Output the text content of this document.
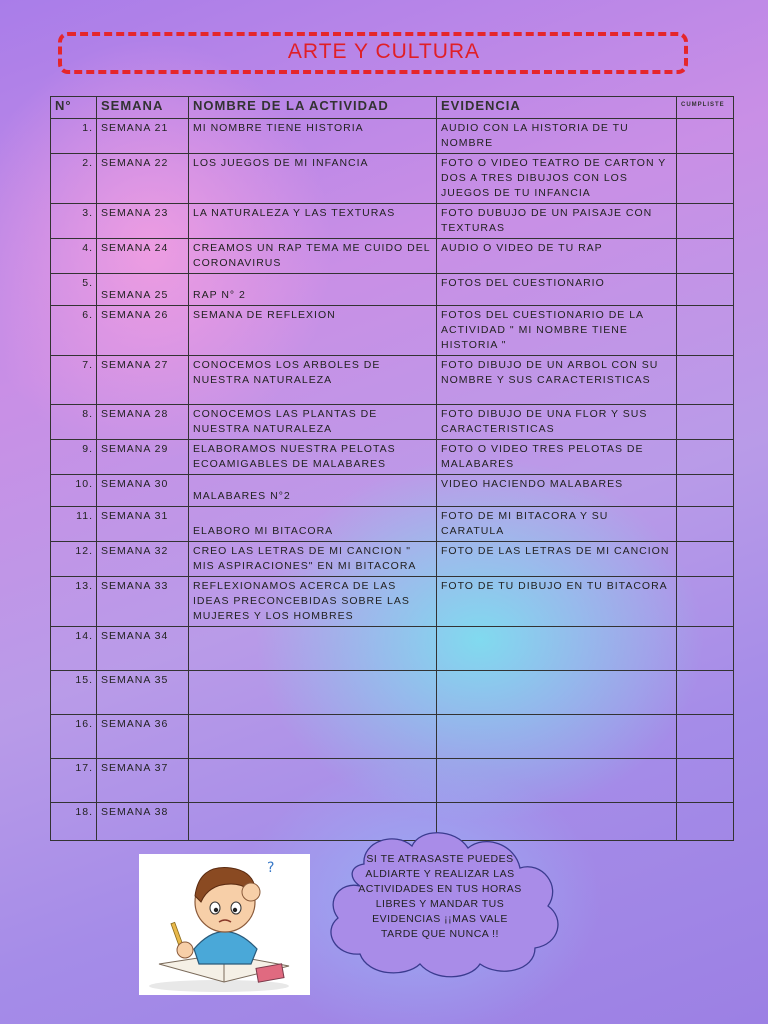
ARTE Y CULTURA
N°	SEMANA	NOMBRE DE LA ACTIVIDAD	EVIDENCIA	CUMPLISTE
1.	SEMANA 21	MI NOMBRE TIENE HISTORIA	AUDIO CON LA HISTORIA DE TU NOMBRE	
2.	SEMANA 22	LOS JUEGOS DE MI INFANCIA	FOTO O VIDEO TEATRO DE CARTON Y DOS A TRES DIBUJOS CON LOS JUEGOS DE TU INFANCIA	
3.	SEMANA 23	LA NATURALEZA Y LAS TEXTURAS	FOTO DUBUJO DE UN PAISAJE CON TEXTURAS	
4.	SEMANA 24	CREAMOS UN RAP TEMA ME CUIDO DEL CORONAVIRUS	AUDIO O VIDEO DE TU RAP	
5.	SEMANA 25	RAP N° 2	FOTOS DEL CUESTIONARIO	
6.	SEMANA 26	SEMANA DE REFLEXION	FOTOS DEL CUESTIONARIO DE LA ACTIVIDAD " MI NOMBRE TIENE HISTORIA "	
7.	SEMANA 27	CONOCEMOS LOS ARBOLES DE NUESTRA NATURALEZA	FOTO DIBUJO DE UN ARBOL CON SU NOMBRE Y SUS CARACTERISTICAS	
8.	SEMANA 28	CONOCEMOS LAS PLANTAS DE NUESTRA NATURALEZA	FOTO DIBUJO DE UNA FLOR Y SUS CARACTERISTICAS	
9.	SEMANA 29	ELABORAMOS NUESTRA PELOTAS ECOAMIGABLES DE MALABARES	FOTO O VIDEO TRES PELOTAS DE MALABARES	
10.	SEMANA 30	MALABARES N°2	VIDEO HACIENDO MALABARES	
11.	SEMANA 31	ELABORO MI BITACORA	FOTO DE MI BITACORA Y SU CARATULA	
12.	SEMANA 32	CREO LAS LETRAS DE MI CANCION " MIS ASPIRACIONES" EN MI BITACORA	FOTO DE LAS LETRAS DE MI CANCION	
13.	SEMANA 33	REFLEXIONAMOS ACERCA DE LAS IDEAS PRECONCEBIDAS SOBRE LAS MUJERES Y LOS HOMBRES	FOTO DE TU DIBUJO EN TU BITACORA	
14.	SEMANA 34			
15.	SEMANA 35			
16.	SEMANA 36			
17.	SEMANA 37			
18.	SEMANA 38			
SI TE ATRASASTE PUEDES ALDIARTE Y REALIZAR LAS ACTIVIDADES EN TUS HORAS LIBRES Y MANDAR TUS EVIDENCIAS ¡¡MAS VALE TARDE QUE NUNCA !!
?
